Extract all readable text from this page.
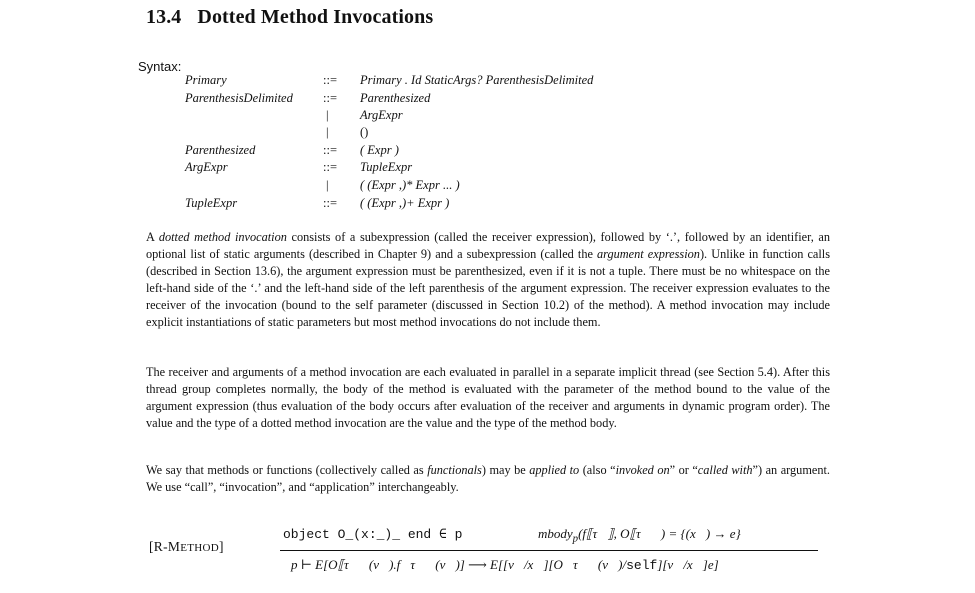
13.4 Dotted Method Invocations
Syntax:
Primary	::= Primary . Id StaticArgs? ParenthesisDelimited
ParenthesisDelimited ::= Parenthesized
|	ArgExpr
|	()
Parenthesized	::= ( Expr )
ArgExpr	::= TupleExpr
|	( (Expr ,)* Expr ... )
TupleExpr	::= ( (Expr ,)+ Expr )

A dotted method invocation consists of a subexpression (called the receiver expression), followed by ‘.’, followed by an identifier, an optional list of static arguments (described in Chapter 9) and a subexpression (called the argument expression). Unlike in function calls (described in Section 13.6), the argument expression must be parenthesized, even if it is not a tuple. There must be no whitespace on the left-hand side of the ‘.’ and the left-hand side of the left parenthesis of the argument expression. The receiver expression evaluates to the receiver of the invocation (bound to the self parameter (discussed in Section 10.2) of the method). A method invocation may include explicit instantiations of static parameters but most method invocations do not include them.

The receiver and arguments of a method invocation are each evaluated in parallel in a separate implicit thread (see Section 5.4). After this thread group completes normally, the body of the method is evaluated with the parameter of the method bound to the value of the argument expression (thus evaluation of the body occurs after evaluation of the receiver and arguments in dynamic program order). The value and the type of a dotted method invocation are the value and the type of the method body.

We say that methods or functions (collectively called as functionals) may be applied to (also “invoked on” or “called with”) an argument. We use “call”, “invocation”, and “application” interchangeably.

[R-METHOD]
object O_(x:_)_ end ∈ p	mbody$_p$(f⟦τ⃗⟧, O⟦τ⃗⟧) = {(x⃗) → e}
p ⊢ E[O⟦τ⃗⟧(v⃗).f⟦τ⃗⟧(v⃗)] ⟶ E[[v⃗/x⃗][O⟦τ⃗⟧(v⃗)/self][v⃗/x⃗]e]
